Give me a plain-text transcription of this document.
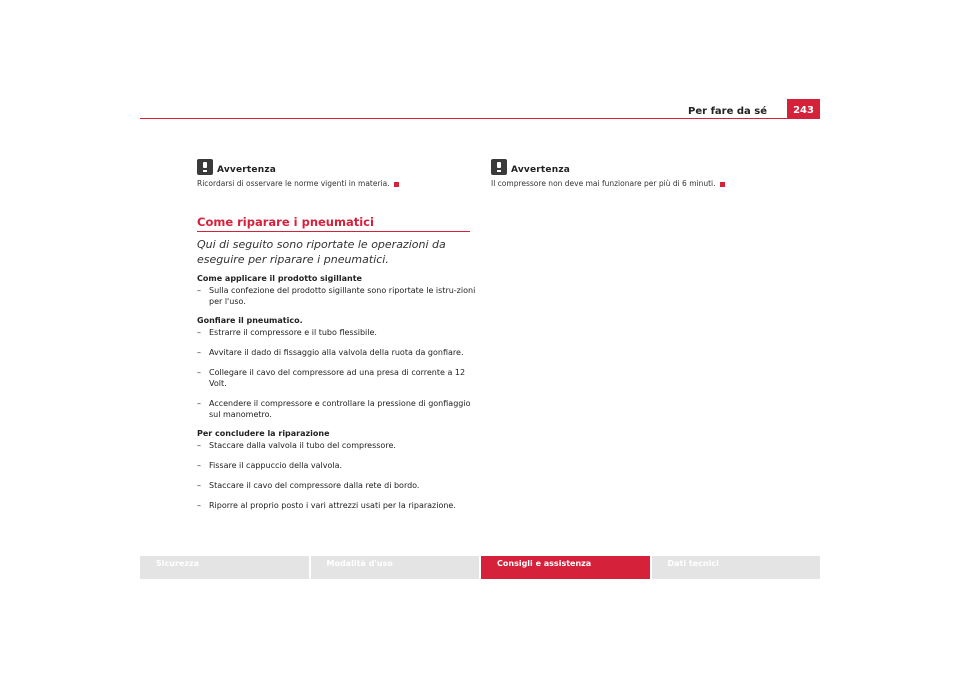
Per fare da sé	243
Avvertenza
Ricordarsi di osservare le norme vigenti in materia.
Avvertenza
Il compressore non deve mai funzionare per più di 6 minuti.
Come riparare i pneumatici
Qui di seguito sono riportate le operazioni da eseguire per riparare i pneumatici.
Come applicare il prodotto sigillante
– Sulla confezione del prodotto sigillante sono riportate le istru-zioni per l'uso.
Gonfiare il pneumatico.
– Estrarre il compressore e il tubo flessibile.
– Avvitare il dado di fissaggio alla valvola della ruota da gonfiare.
– Collegare il cavo del compressore ad una presa di corrente a 12 Volt.
– Accendere il compressore e controllare la pressione di gonfiaggio sul manometro.
Per concludere la riparazione
– Staccare dalla valvola il tubo del compressore.
– Fissare il cappuccio della valvola.
– Staccare il cavo del compressore dalla rete di bordo.
– Riporre al proprio posto i vari attrezzi usati per la riparazione.
Sicurezza	Modalità d'uso	Consigli e assistenza	Dati tecnici
